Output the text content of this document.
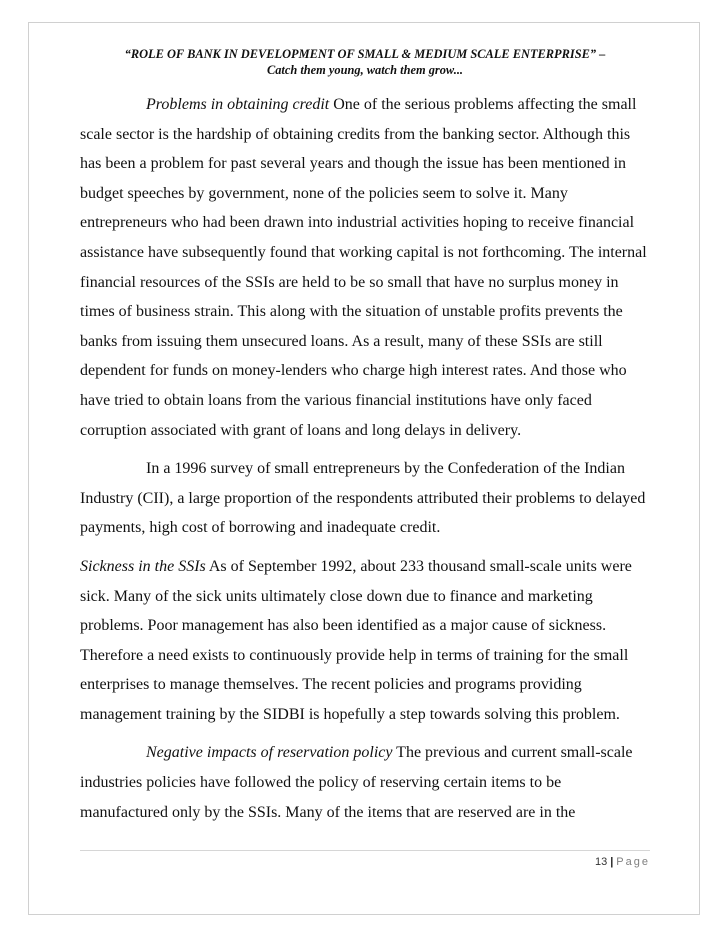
“ROLE OF BANK IN DEVELOPMENT OF SMALL & MEDIUM SCALE ENTERPRISE” –
Catch them young, watch them grow...

Problems in obtaining credit One of the serious problems affecting the small scale sector is the hardship of obtaining credits from the banking sector. Although this has been a problem for past several years and though the issue has been mentioned in budget speeches by government, none of the policies seem to solve it. Many entrepreneurs who had been drawn into industrial activities hoping to receive financial assistance have subsequently found that working capital is not forthcoming. The internal financial resources of the SSIs are held to be so small that have no surplus money in times of business strain. This along with the situation of unstable profits prevents the banks from issuing them unsecured loans. As a result, many of these SSIs are still dependent for funds on money-lenders who charge high interest rates. And those who have tried to obtain loans from the various financial institutions have only faced corruption associated with grant of loans and long delays in delivery.

In a 1996 survey of small entrepreneurs by the Confederation of the Indian Industry (CII), a large proportion of the respondents attributed their problems to delayed payments, high cost of borrowing and inadequate credit.

Sickness in the SSIs As of September 1992, about 233 thousand small-scale units were sick. Many of the sick units ultimately close down due to finance and marketing problems. Poor management has also been identified as a major cause of sickness. Therefore a need exists to continuously provide help in terms of training for the small enterprises to manage themselves. The recent policies and programs providing management training by the SIDBI is hopefully a step towards solving this problem.

Negative impacts of reservation policy The previous and current small-scale industries policies have followed the policy of reserving certain items to be manufactured only by the SSIs. Many of the items that are reserved are in the

13 | Page
